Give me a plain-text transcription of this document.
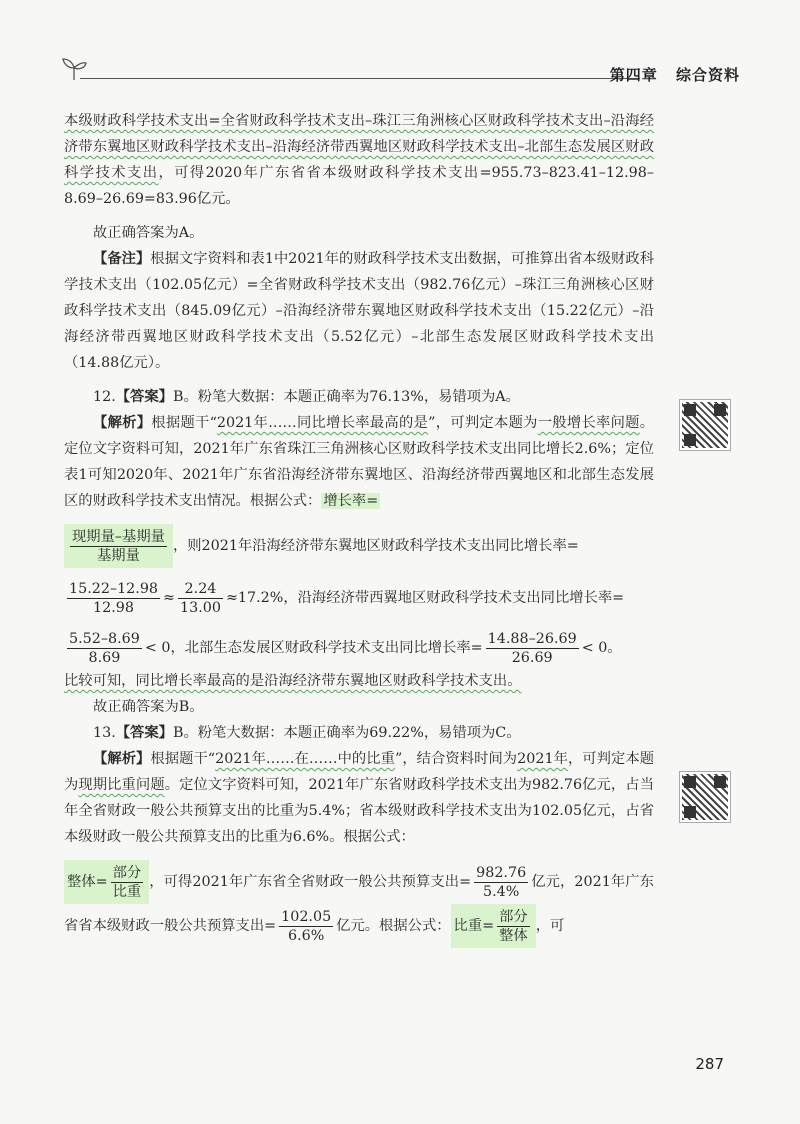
第四章 综合资料

本级财政科学技术支出=全省财政科学技术支出–珠江三角洲核心区财政科学技术支出–沿海经济带东翼地区财政科学技术支出–沿海经济带西翼地区财政科学技术支出–北部生态发展区财政科学技术支出，可得2020年广东省省本级财政科学技术支出=955.73–823.41–12.98–8.69–26.69=83.96亿元。

故正确答案为A。

【备注】根据文字资料和表1中2021年的财政科学技术支出数据，可推算出省本级财政科学技术支出（102.05亿元）=全省财政科学技术支出（982.76亿元）–珠江三角洲核心区财政科学技术支出（845.09亿元）–沿海经济带东翼地区财政科学技术支出（15.22亿元）–沿海经济带西翼地区财政科学技术支出（5.52亿元）–北部生态发展区财政科学技术支出（14.88亿元）。

12.【答案】B。粉笔大数据：本题正确率为76.13%，易错项为A。

【解析】根据题干“2021年……同比增长率最高的是”，可判定本题为一般增长率问题。定位文字资料可知，2021年广东省珠江三角洲核心区财政科学技术支出同比增长2.6%；定位表1可知2020年、2021年广东省沿海经济带东翼地区、沿海经济带西翼地区和北部生态发展区的财政科学技术支出情况。根据公式： 增长率=

$\frac{\text{现期量–基期量}}{\text{基期量}}$ ，则2021年沿海经济带东翼地区财政科学技术支出同比增长率=

$\frac{15.22-12.98}{12.98} \approx \frac{2.24}{13.00} \approx 17.2\%$，沿海经济带西翼地区财政科学技术支出同比增长率=

$\frac{5.52-8.69}{8.69} < 0$，北部生态发展区财政科学技术支出同比增长率= $\frac{14.88-26.69}{26.69} < 0$。

比较可知，同比增长率最高的是沿海经济带东翼地区财政科学技术支出。

故正确答案为B。

13.【答案】B。粉笔大数据：本题正确率为69.22%，易错项为C。

【解析】根据题干“2021年……在……中的比重”，结合资料时间为2021年，可判定本题为现期比重问题。定位文字资料可知，2021年广东省财政科学技术支出为982.76亿元，占当年全省财政一般公共预算支出的比重为5.4%；省本级财政科学技术支出为102.05亿元，占省本级财政一般公共预算支出的比重为6.6%。根据公式：

整体= $\frac{\text{部分}}{\text{比重}}$ ，可得2021年广东省全省财政一般公共预算支出= $\frac{982.76}{5.4\%}$ 亿元，2021年广东省省本级财政一般公共预算支出= $\frac{102.05}{6.6\%}$ 亿元。根据公式： 比重= $\frac{\text{部分}}{\text{整体}}$ ，可

287
